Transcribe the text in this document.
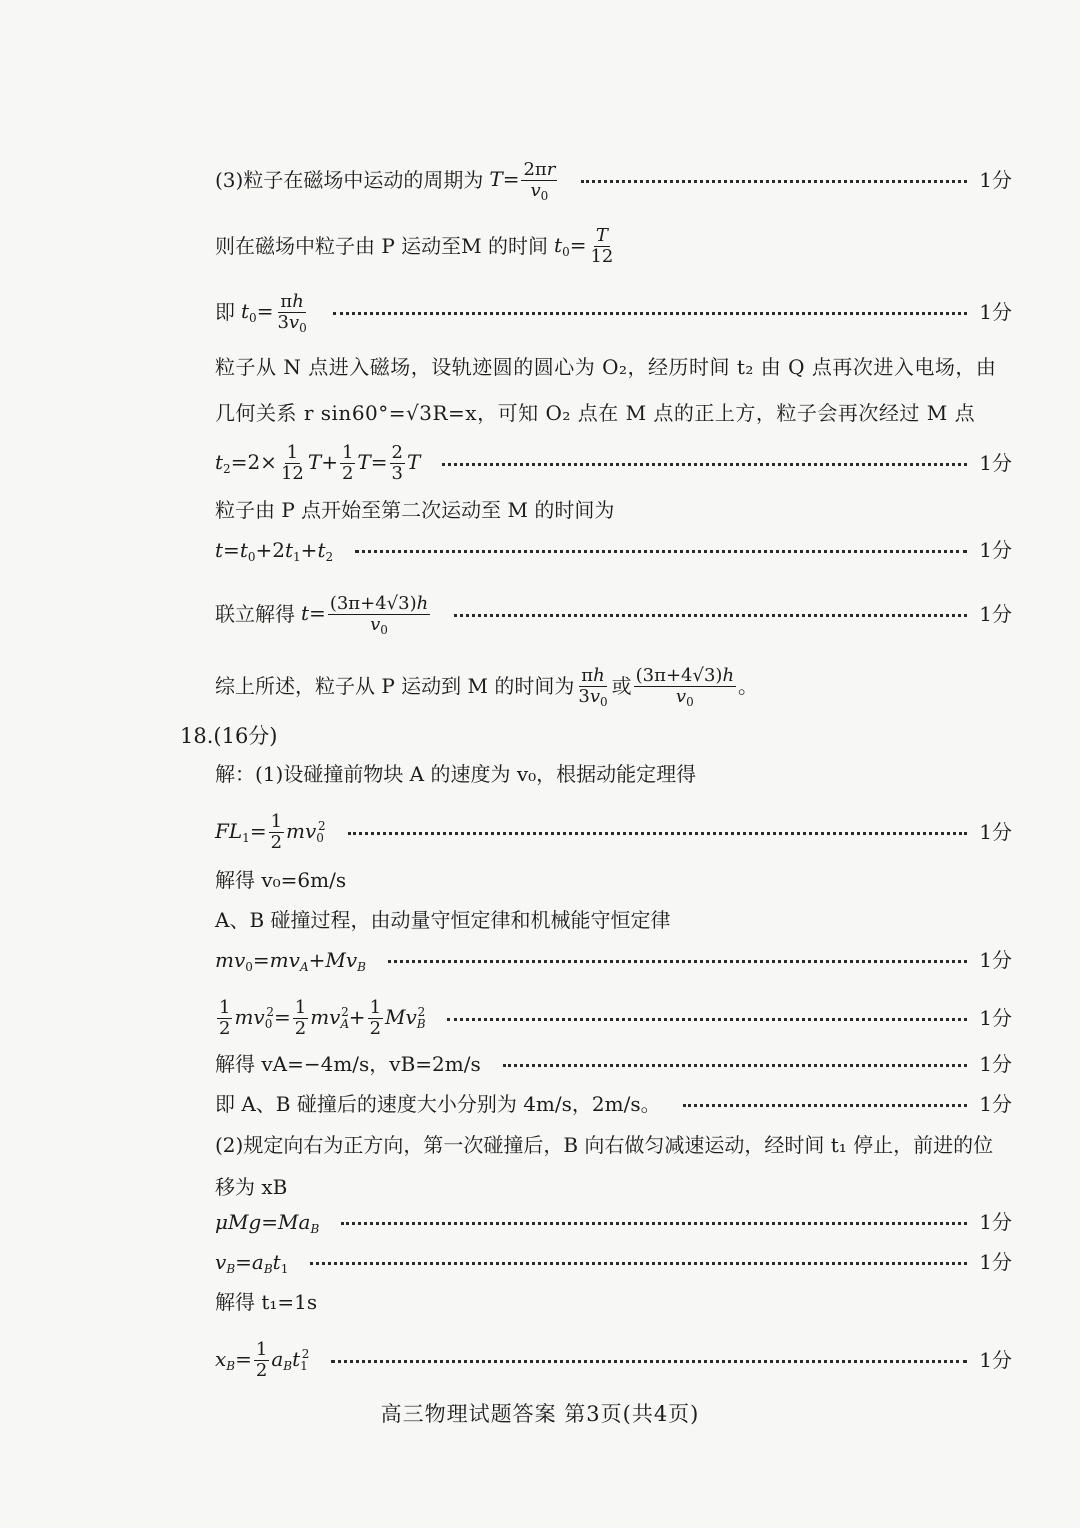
(3)粒子在磁场中运动的周期为 $T= \frac{2\pi r}{v_0}$	1分
则在磁场中粒子由 P 运动至M 的时间 $t_0= \frac{T}{12}$
即 $t_0= \frac{\pi h}{3v_0}$	1分
粒子从 N 点进入磁场，设轨迹圆的圆心为 O₂，经历时间 t₂ 由 Q 点再次进入电场，由几何关系 r sin60°=√3R=x，可知 O₂ 点在 M 点的正上方，粒子会再次经过 M 点
$t_2=2\times \frac{1}{12} T+ \frac{1}{2} T= \frac{2}{3}$ T	1分
粒子由 P 点开始至第二次运动至 M 的时间为
$t=t_0+2t_1+t_2$	1分
联立解得 $t= \frac{(3\pi+4√3)h}{v_0}$	1分
综上所述，粒子从 P 运动到 M 的时间为 $\frac{\pi h}{3v_0}$ 或 $\frac{(3\pi+4√3)h}{v_0}$ 。
18.(16分)
解：(1)设碰撞前物块 A 的速度为 v₀，根据动能定理得
$FL_1= \frac{1}{2} mv_0^2$	1分
解得 v₀=6m/s
A、B 碰撞过程，由动量守恒定律和机械能守恒定律
$mv_0=mv_A+Mv_B$	1分
$\frac{1}{2} mv_0^2= \frac{1}{2} mv_A^2+ \frac{1}{2} Mv_B^2$	1分
解得 vA=−4m/s，vB=2m/s	1分
即 A、B 碰撞后的速度大小分别为 4m/s，2m/s。	1分
(2)规定向右为正方向，第一次碰撞后，B 向右做匀减速运动，经时间 t₁ 停止，前进的位移为 xB
$\mu Mg=Ma_B$	1分
$v_B=a_Bt_1$	1分
解得 t₁=1s
$x_B= \frac{1}{2} a_Bt_1^2$	1分
高三物理试题答案 第3页(共4页)
